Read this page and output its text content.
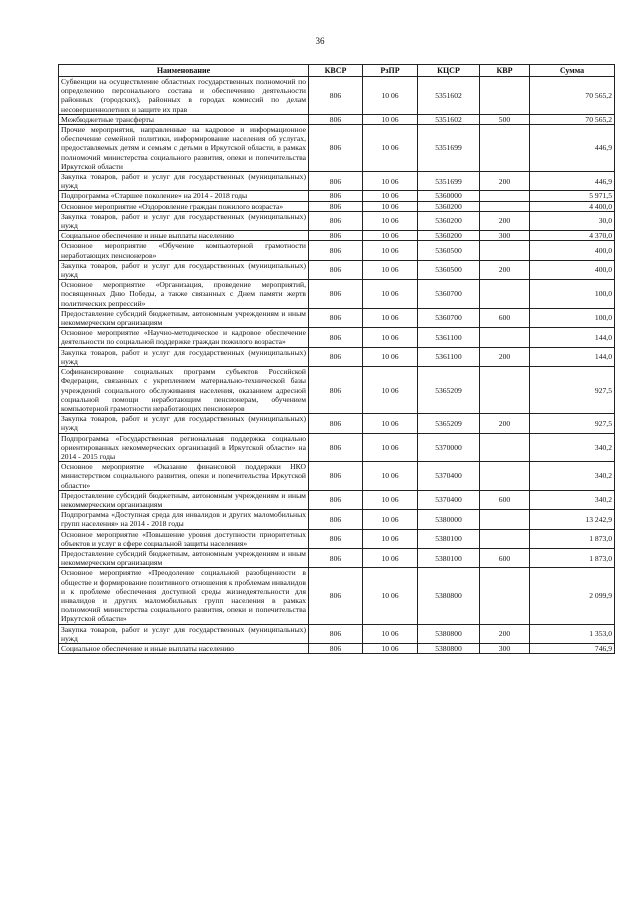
36
Наименование	КВСР	РзПР	КЦСР	КВР	Сумма
Субвенции на осуществление областных государственных полномочий по определению персонального состава и обеспечению деятельности районных (городских), районных в городах комиссий по делам несовершеннолетних и защите их прав	806	10 06	5351602		70 565,2
Межбюджетные трансферты	806	10 06	5351602	500	70 565,2
Прочие мероприятия, направленные на кадровое и информационное обеспечение семейной политики, информирование населения об услугах, предоставляемых детям и семьям с детьми в Иркутской области, в рамках полномочий министерства социального развития, опеки и попечительства Иркутской области	806	10 06	5351699		446,9
Закупка товаров, работ и услуг для государственных (муниципальных) нужд	806	10 06	5351699	200	446,9
Подпрограмма «Старшее поколение» на 2014 - 2018 годы	806	10 06	5360000		5 971,5
Основное мероприятие «Оздоровление граждан пожилого возраста»	806	10 06	5360200		4 400,0
Закупка товаров, работ и услуг для государственных (муниципальных) нужд	806	10 06	5360200	200	30,0
Социальное обеспечение и иные выплаты населению	806	10 06	5360200	300	4 370,0
Основное мероприятие «Обучение компьютерной грамотности неработающих пенсионеров»	806	10 06	5360500		400,0
Закупка товаров, работ и услуг для государственных (муниципальных) нужд	806	10 06	5360500	200	400,0
Основное мероприятие «Организация, проведение мероприятий, посвященных Дню Победы, а также связанных с Днем памяти жертв политических репрессий»	806	10 06	5360700		100,0
Предоставление субсидий бюджетным, автономным учреждениям и иным некоммерческим организациям	806	10 06	5360700	600	100,0
Основное мероприятие «Научно-методическое и кадровое обеспечение деятельности по социальной поддержке граждан пожилого возраста»	806	10 06	5361100		144,0
Закупка товаров, работ и услуг для государственных (муниципальных) нужд	806	10 06	5361100	200	144,0
Софинансирование социальных программ субъектов Российской Федерации, связанных с укреплением материально-технической базы учреждений социального обслуживания населения, оказанием адресной социальной помощи неработающим пенсионерам, обучением компьютерной грамотности неработающих пенсионеров	806	10 06	5365209		927,5
Закупка товаров, работ и услуг для государственных (муниципальных) нужд	806	10 06	5365209	200	927,5
Подпрограмма «Государственная региональная поддержка социально ориентированных некоммерческих организаций в Иркутской области» на 2014 - 2015 годы	806	10 06	5370000		340,2
Основное мероприятие «Оказание финансовой поддержки НКО министерством социального развития, опеки и попечительства Иркутской области»	806	10 06	5370400		340,2
Предоставление субсидий бюджетным, автономным учреждениям и иным некоммерческим организациям	806	10 06	5370400	600	340,2
Подпрограмма «Доступная среда для инвалидов и других маломобильных групп населения» на 2014 - 2018 годы	806	10 06	5380000		13 242,9
Основное мероприятие «Повышение уровня доступности приоритетных объектов и услуг в сфере социальной защиты населения»	806	10 06	5380100		1 873,0
Предоставление субсидий бюджетным, автономным учреждениям и иным некоммерческим организациям	806	10 06	5380100	600	1 873,0
Основное мероприятие «Преодоление социальной разобщенности в обществе и формирование позитивного отношения к проблемам инвалидов и к проблеме обеспечения доступной среды жизнедеятельности для инвалидов и других маломобильных групп населения в рамках полномочий министерства социального развития, опеки и попечительства Иркутской области»	806	10 06	5380800		2 099,9
Закупка товаров, работ и услуг для государственных (муниципальных) нужд	806	10 06	5380800	200	1 353,0
Социальное обеспечение и иные выплаты населению	806	10 06	5380800	300	746,9
